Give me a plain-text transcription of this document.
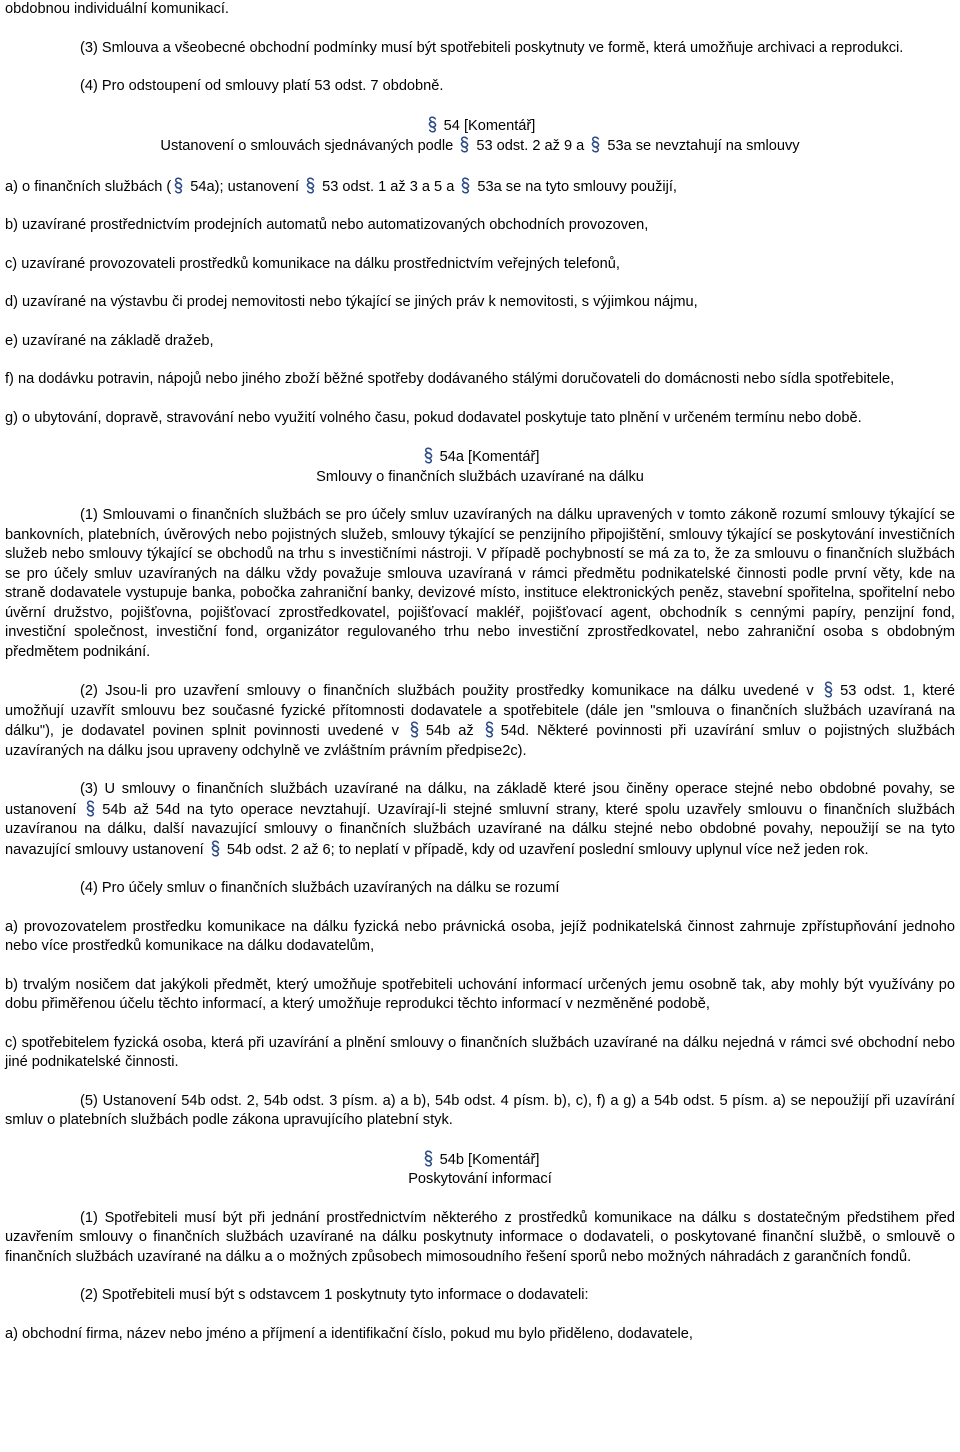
obdobnou individuální komunikací.

(3) Smlouva a všeobecné obchodní podmínky musí být spotřebiteli poskytnuty ve formě, která umožňuje archivaci a reprodukci.

(4) Pro odstoupení od smlouvy platí 53 odst. 7 obdobně.

54 [Komentář]

Ustanovení o smlouvách sjednávaných podle 53 odst. 2 až 9 a 53a se nevztahují na smlouvy

a) o finančních službách ( 54a); ustanovení 53 odst. 1 až 3 a 5 a 53a se na tyto smlouvy použijí,

b) uzavírané prostřednictvím prodejních automatů nebo automatizovaných obchodních provozoven,

c) uzavírané provozovateli prostředků komunikace na dálku prostřednictvím veřejných telefonů,

d) uzavírané na výstavbu či prodej nemovitosti nebo týkající se jiných práv k nemovitosti, s výjimkou nájmu,

e) uzavírané na základě dražeb,

f) na dodávku potravin, nápojů nebo jiného zboží běžné spotřeby dodávaného stálými doručovateli do domácnosti nebo sídla spotřebitele,

g) o ubytování, dopravě, stravování nebo využití volného času, pokud dodavatel poskytuje tato plnění v určeném termínu nebo době.

54a [Komentář]

Smlouvy o finančních službách uzavírané na dálku

(1) Smlouvami o finančních službách se pro účely smluv uzavíraných na dálku upravených v tomto zákoně rozumí smlouvy týkající se bankovních, platebních, úvěrových nebo pojistných služeb, smlouvy týkající se penzijního připojištění, smlouvy týkající se poskytování investičních služeb nebo smlouvy týkající se obchodů na trhu s investičními nástroji. V případě pochybností se má za to, že za smlouvu o finančních službách se pro účely smluv uzavíraných na dálku vždy považuje smlouva uzavíraná v rámci předmětu podnikatelské činnosti podle první věty, kde na straně dodavatele vystupuje banka, pobočka zahraniční banky, devizové místo, instituce elektronických peněz, stavební spořitelna, spořitelní nebo úvěrní družstvo, pojišťovna, pojišťovací zprostředkovatel, pojišťovací makléř, pojišťovací agent, obchodník s cennými papíry, penzijní fond, investiční společnost, investiční fond, organizátor regulovaného trhu nebo investiční zprostředkovatel, nebo zahraniční osoba s obdobným předmětem podnikání.

(2) Jsou-li pro uzavření smlouvy o finančních službách použity prostředky komunikace na dálku uvedené v 53 odst. 1, které umožňují uzavřít smlouvu bez současné fyzické přítomnosti dodavatele a spotřebitele (dále jen "smlouva o finančních službách uzavíraná na dálku"), je dodavatel povinen splnit povinnosti uvedené v 54b až 54d. Některé povinnosti při uzavírání smluv o pojistných službách uzavíraných na dálku jsou upraveny odchylně ve zvláštním právním předpise2c).

(3) U smlouvy o finančních službách uzavírané na dálku, na základě které jsou činěny operace stejné nebo obdobné povahy, se ustanovení 54b až 54d na tyto operace nevztahují. Uzavírají-li stejné smluvní strany, které spolu uzavřely smlouvu o finančních službách uzavíranou na dálku, další navazující smlouvy o finančních službách uzavírané na dálku stejné nebo obdobné povahy, nepoužijí se na tyto navazující smlouvy ustanovení 54b odst. 2 až 6; to neplatí v případě, kdy od uzavření poslední smlouvy uplynul více než jeden rok.

(4) Pro účely smluv o finančních službách uzavíraných na dálku se rozumí

a) provozovatelem prostředku komunikace na dálku fyzická nebo právnická osoba, jejíž podnikatelská činnost zahrnuje zpřístupňování jednoho nebo více prostředků komunikace na dálku dodavatelům,

b) trvalým nosičem dat jakýkoli předmět, který umožňuje spotřebiteli uchování informací určených jemu osobně tak, aby mohly být využívány po dobu přiměřenou účelu těchto informací, a který umožňuje reprodukci těchto informací v nezměněné podobě,

c) spotřebitelem fyzická osoba, která při uzavírání a plnění smlouvy o finančních službách uzavírané na dálku nejedná v rámci své obchodní nebo jiné podnikatelské činnosti.

(5) Ustanovení 54b odst. 2, 54b odst. 3 písm. a) a b), 54b odst. 4 písm. b), c), f) a g) a 54b odst. 5 písm. a) se nepoužijí při uzavírání smluv o platebních službách podle zákona upravujícího platební styk.

54b [Komentář]

Poskytování informací

(1) Spotřebiteli musí být při jednání prostřednictvím některého z prostředků komunikace na dálku s dostatečným předstihem před uzavřením smlouvy o finančních službách uzavírané na dálku poskytnuty informace o dodavateli, o poskytované finanční službě, o smlouvě o finančních službách uzavírané na dálku a o možných způsobech mimosoudního řešení sporů nebo možných náhradách z garančních fondů.

(2) Spotřebiteli musí být s odstavcem 1 poskytnuty tyto informace o dodavateli:

a) obchodní firma, název nebo jméno a příjmení a identifikační číslo, pokud mu bylo přiděleno, dodavatele,
